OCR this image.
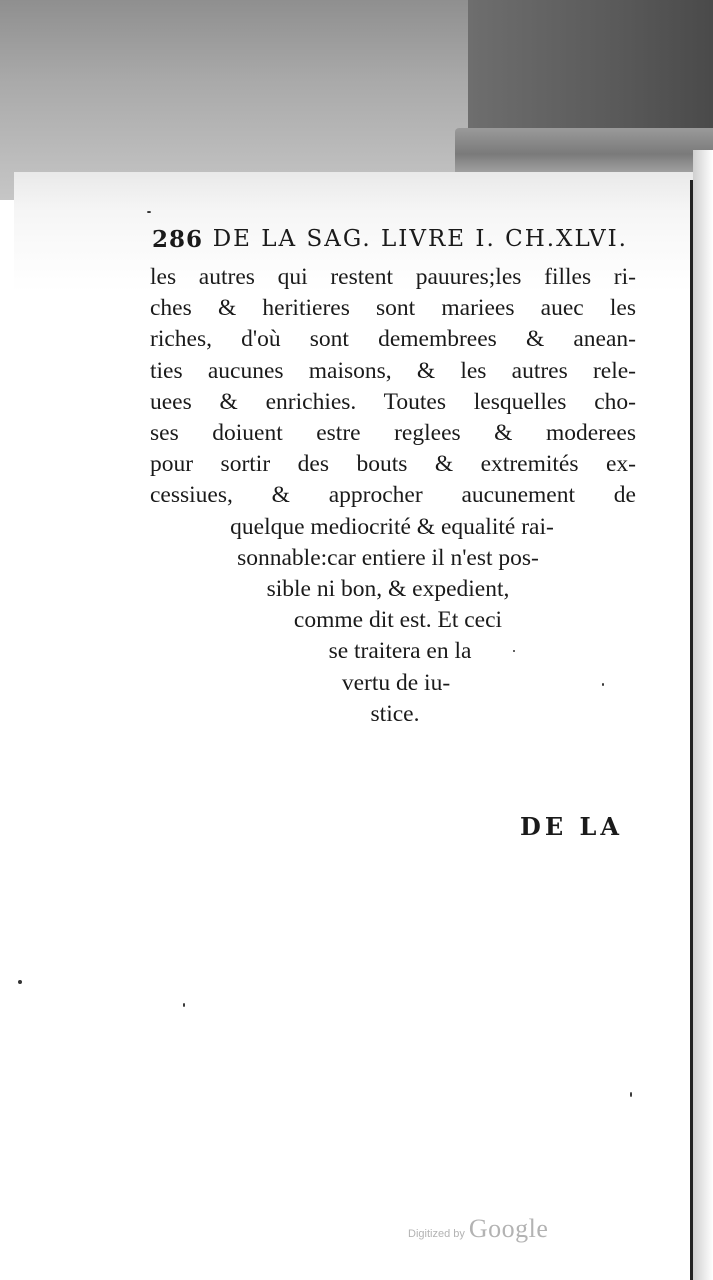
286 DE LA SAG. LIVRE I. CH.XLVI.
les autres qui restent pauures;les filles ri-
ches & heritieres sont mariees auec les
riches, d'où sont demembrees & anean-
ties aucunes maisons, & les autres rele-
uees & enrichies. Toutes lesquelles cho-
ses doiuent estre reglees & moderees
pour sortir des bouts & extremités ex-
cessiues, & approcher aucunement de
quelque mediocrité & equalité rai-
sonnable:car entiere il n'est pos-
sible ni bon, & expedient,
comme dit est. Et ceci
se traitera en la
vertu de iu-
stice.
DE LA
Digitized by Google
